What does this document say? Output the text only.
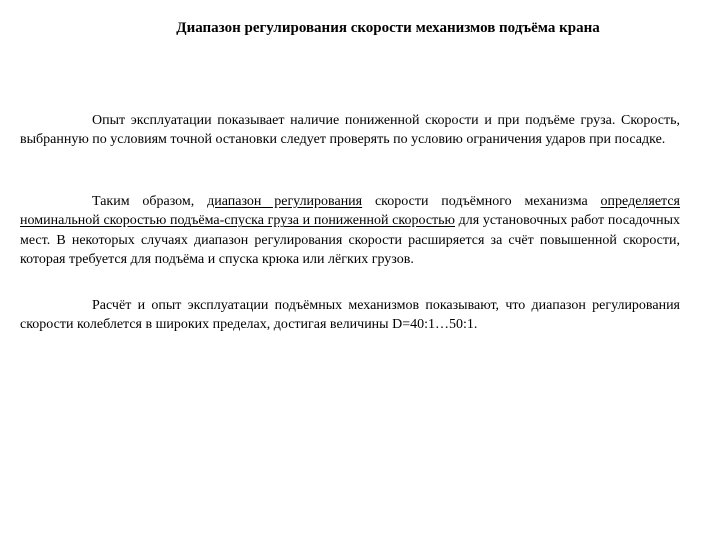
Диапазон регулирования скорости механизмов подъёма крана

Опыт эксплуатации показывает наличие пониженной скорости и при подъёме груза. Скорость, выбранную по условиям точной остановки следует проверять по условию ограничения ударов при посадке.

Таким образом, диапазон регулирования скорости подъёмного механизма определяется номинальной скоростью подъёма-спуска груза и пониженной скоростью для установочных работ посадочных мест. В некоторых случаях диапазон регулирования скорости расширяется за счёт повышенной скорости, которая требуется для подъёма и спуска крюка или лёгких грузов.

Расчёт и опыт эксплуатации подъёмных механизмов показывают, что диапазон регулирования скорости колеблется в широких пределах, достигая величины D=40:1…50:1.
